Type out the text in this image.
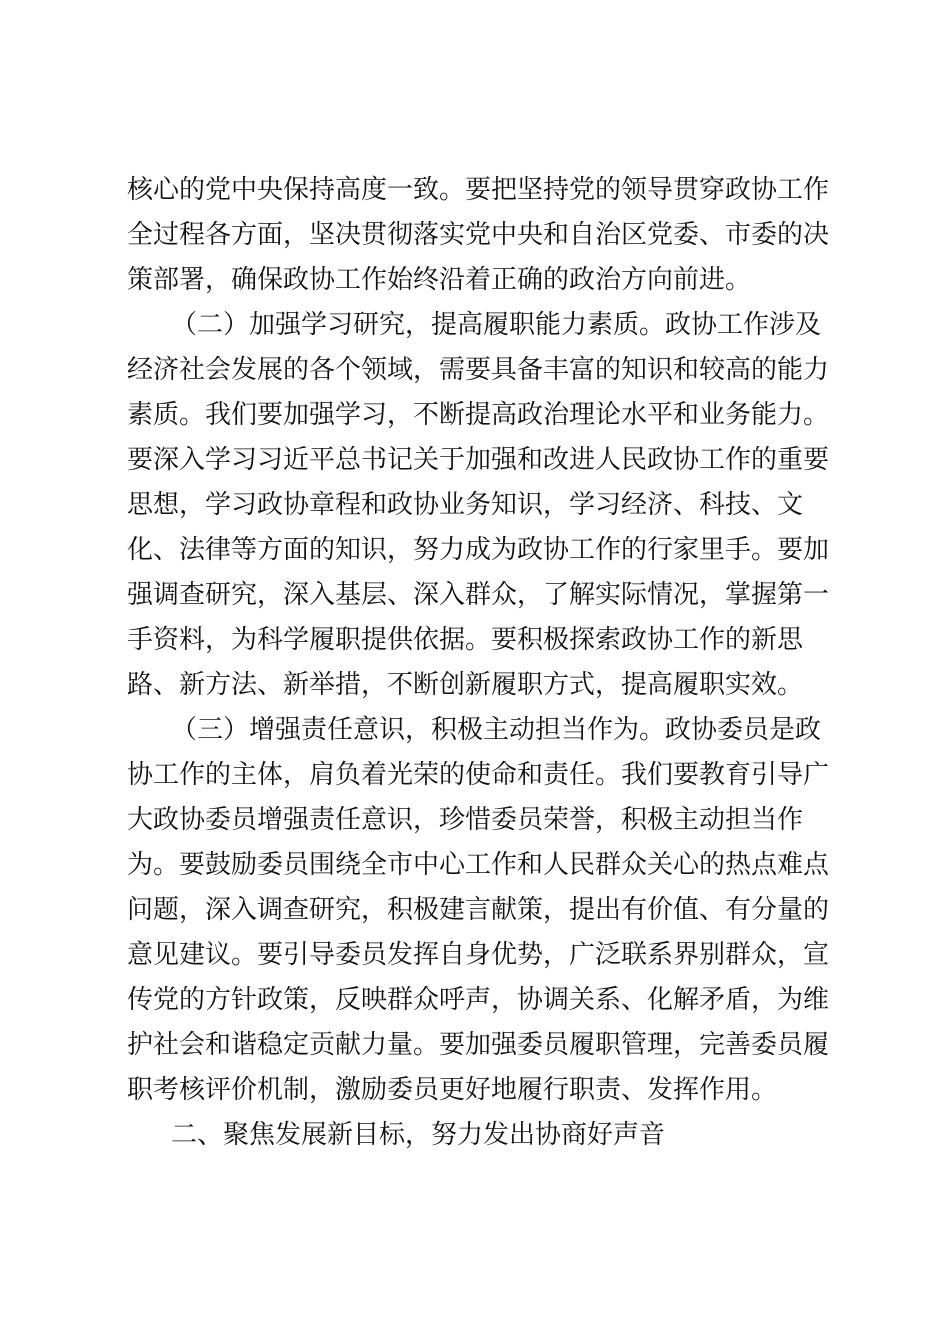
核心的党中央保持高度一致。要把坚持党的领导贯穿政协工作
全过程各方面，坚决贯彻落实党中央和自治区党委、市委的决
策部署，确保政协工作始终沿着正确的政治方向前进。
（二）加强学习研究，提高履职能力素质。政协工作涉及
经济社会发展的各个领域，需要具备丰富的知识和较高的能力
素质。我们要加强学习，不断提高政治理论水平和业务能力。
要深入学习习近平总书记关于加强和改进人民政协工作的重要
思想，学习政协章程和政协业务知识，学习经济、科技、文
化、法律等方面的知识，努力成为政协工作的行家里手。要加
强调查研究，深入基层、深入群众，了解实际情况，掌握第一
手资料，为科学履职提供依据。要积极探索政协工作的新思
路、新方法、新举措，不断创新履职方式，提高履职实效。
（三）增强责任意识，积极主动担当作为。政协委员是政
协工作的主体，肩负着光荣的使命和责任。我们要教育引导广
大政协委员增强责任意识，珍惜委员荣誉，积极主动担当作
为。要鼓励委员围绕全市中心工作和人民群众关心的热点难点
问题，深入调查研究，积极建言献策，提出有价值、有分量的
意见建议。要引导委员发挥自身优势，广泛联系界别群众，宣
传党的方针政策，反映群众呼声，协调关系、化解矛盾，为维
护社会和谐稳定贡献力量。要加强委员履职管理，完善委员履
职考核评价机制，激励委员更好地履行职责、发挥作用。
二、聚焦发展新目标，努力发出协商好声音
